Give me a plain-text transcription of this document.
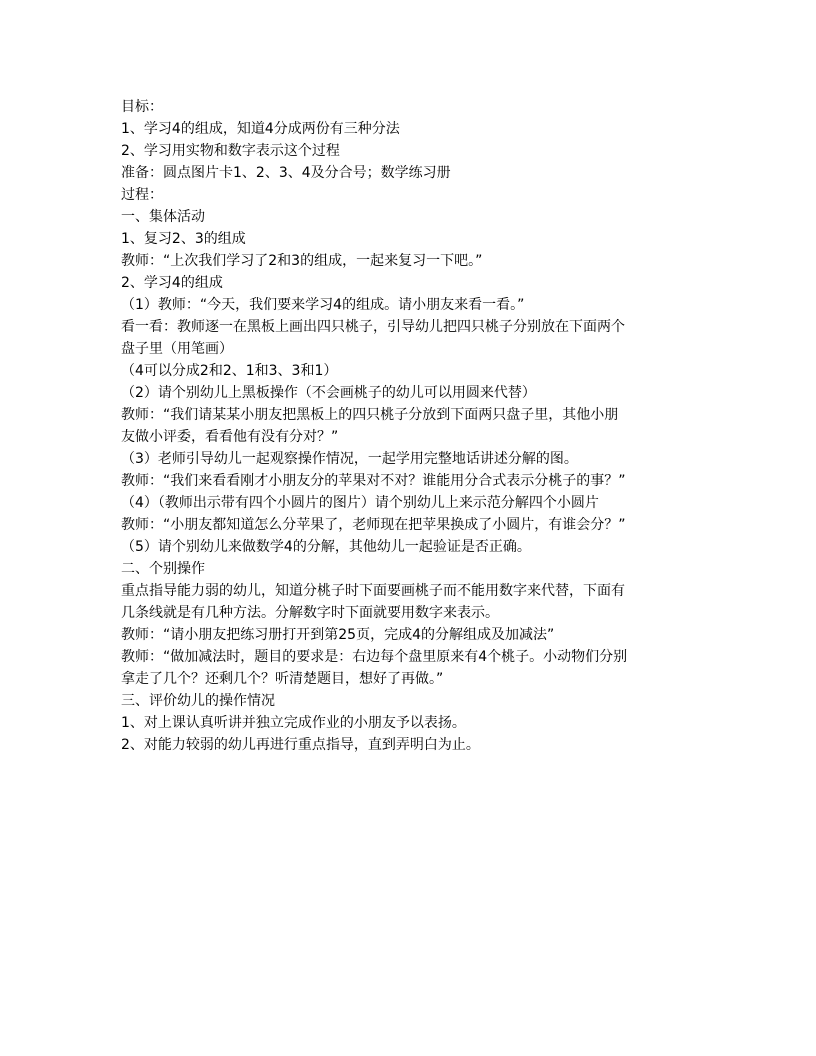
目标：

1、学习4的组成，知道4分成两份有三种分法

2、学习用实物和数字表示这个过程

准备：圆点图片卡1、2、3、4及分合号；数学练习册

过程：

一、集体活动

1、复习2、3的组成

教师：“上次我们学习了2和3的组成，一起来复习一下吧。”

2、学习4的组成

（1）教师：“今天，我们要来学习4的组成。请小朋友来看一看。”

看一看：教师逐一在黑板上画出四只桃子，引导幼儿把四只桃子分别放在下面两个

盘子里（用笔画）

（4可以分成2和2、1和3、3和1）

（2）请个别幼儿上黑板操作（不会画桃子的幼儿可以用圆来代替）

教师：“我们请某某小朋友把黑板上的四只桃子分放到下面两只盘子里，其他小朋

友做小评委，看看他有没有分对？”

（3）老师引导幼儿一起观察操作情况，一起学用完整地话讲述分解的图。

教师：“我们来看看刚才小朋友分的苹果对不对？谁能用分合式表示分桃子的事？”

（4）（教师出示带有四个小圆片的图片）请个别幼儿上来示范分解四个小圆片

教师：“小朋友都知道怎么分苹果了，老师现在把苹果换成了小圆片，有谁会分？”

（5）请个别幼儿来做数学4的分解，其他幼儿一起验证是否正确。

二、个别操作

重点指导能力弱的幼儿，知道分桃子时下面要画桃子而不能用数字来代替，下面有

几条线就是有几种方法。分解数字时下面就要用数字来表示。

教师：“请小朋友把练习册打开到第25页，完成4的分解组成及加减法”

教师：“做加减法时，题目的要求是：右边每个盘里原来有4个桃子。小动物们分别

拿走了几个？还剩几个？听清楚题目，想好了再做。”

三、评价幼儿的操作情况

1、对上课认真听讲并独立完成作业的小朋友予以表扬。

2、对能力较弱的幼儿再进行重点指导，直到弄明白为止。
